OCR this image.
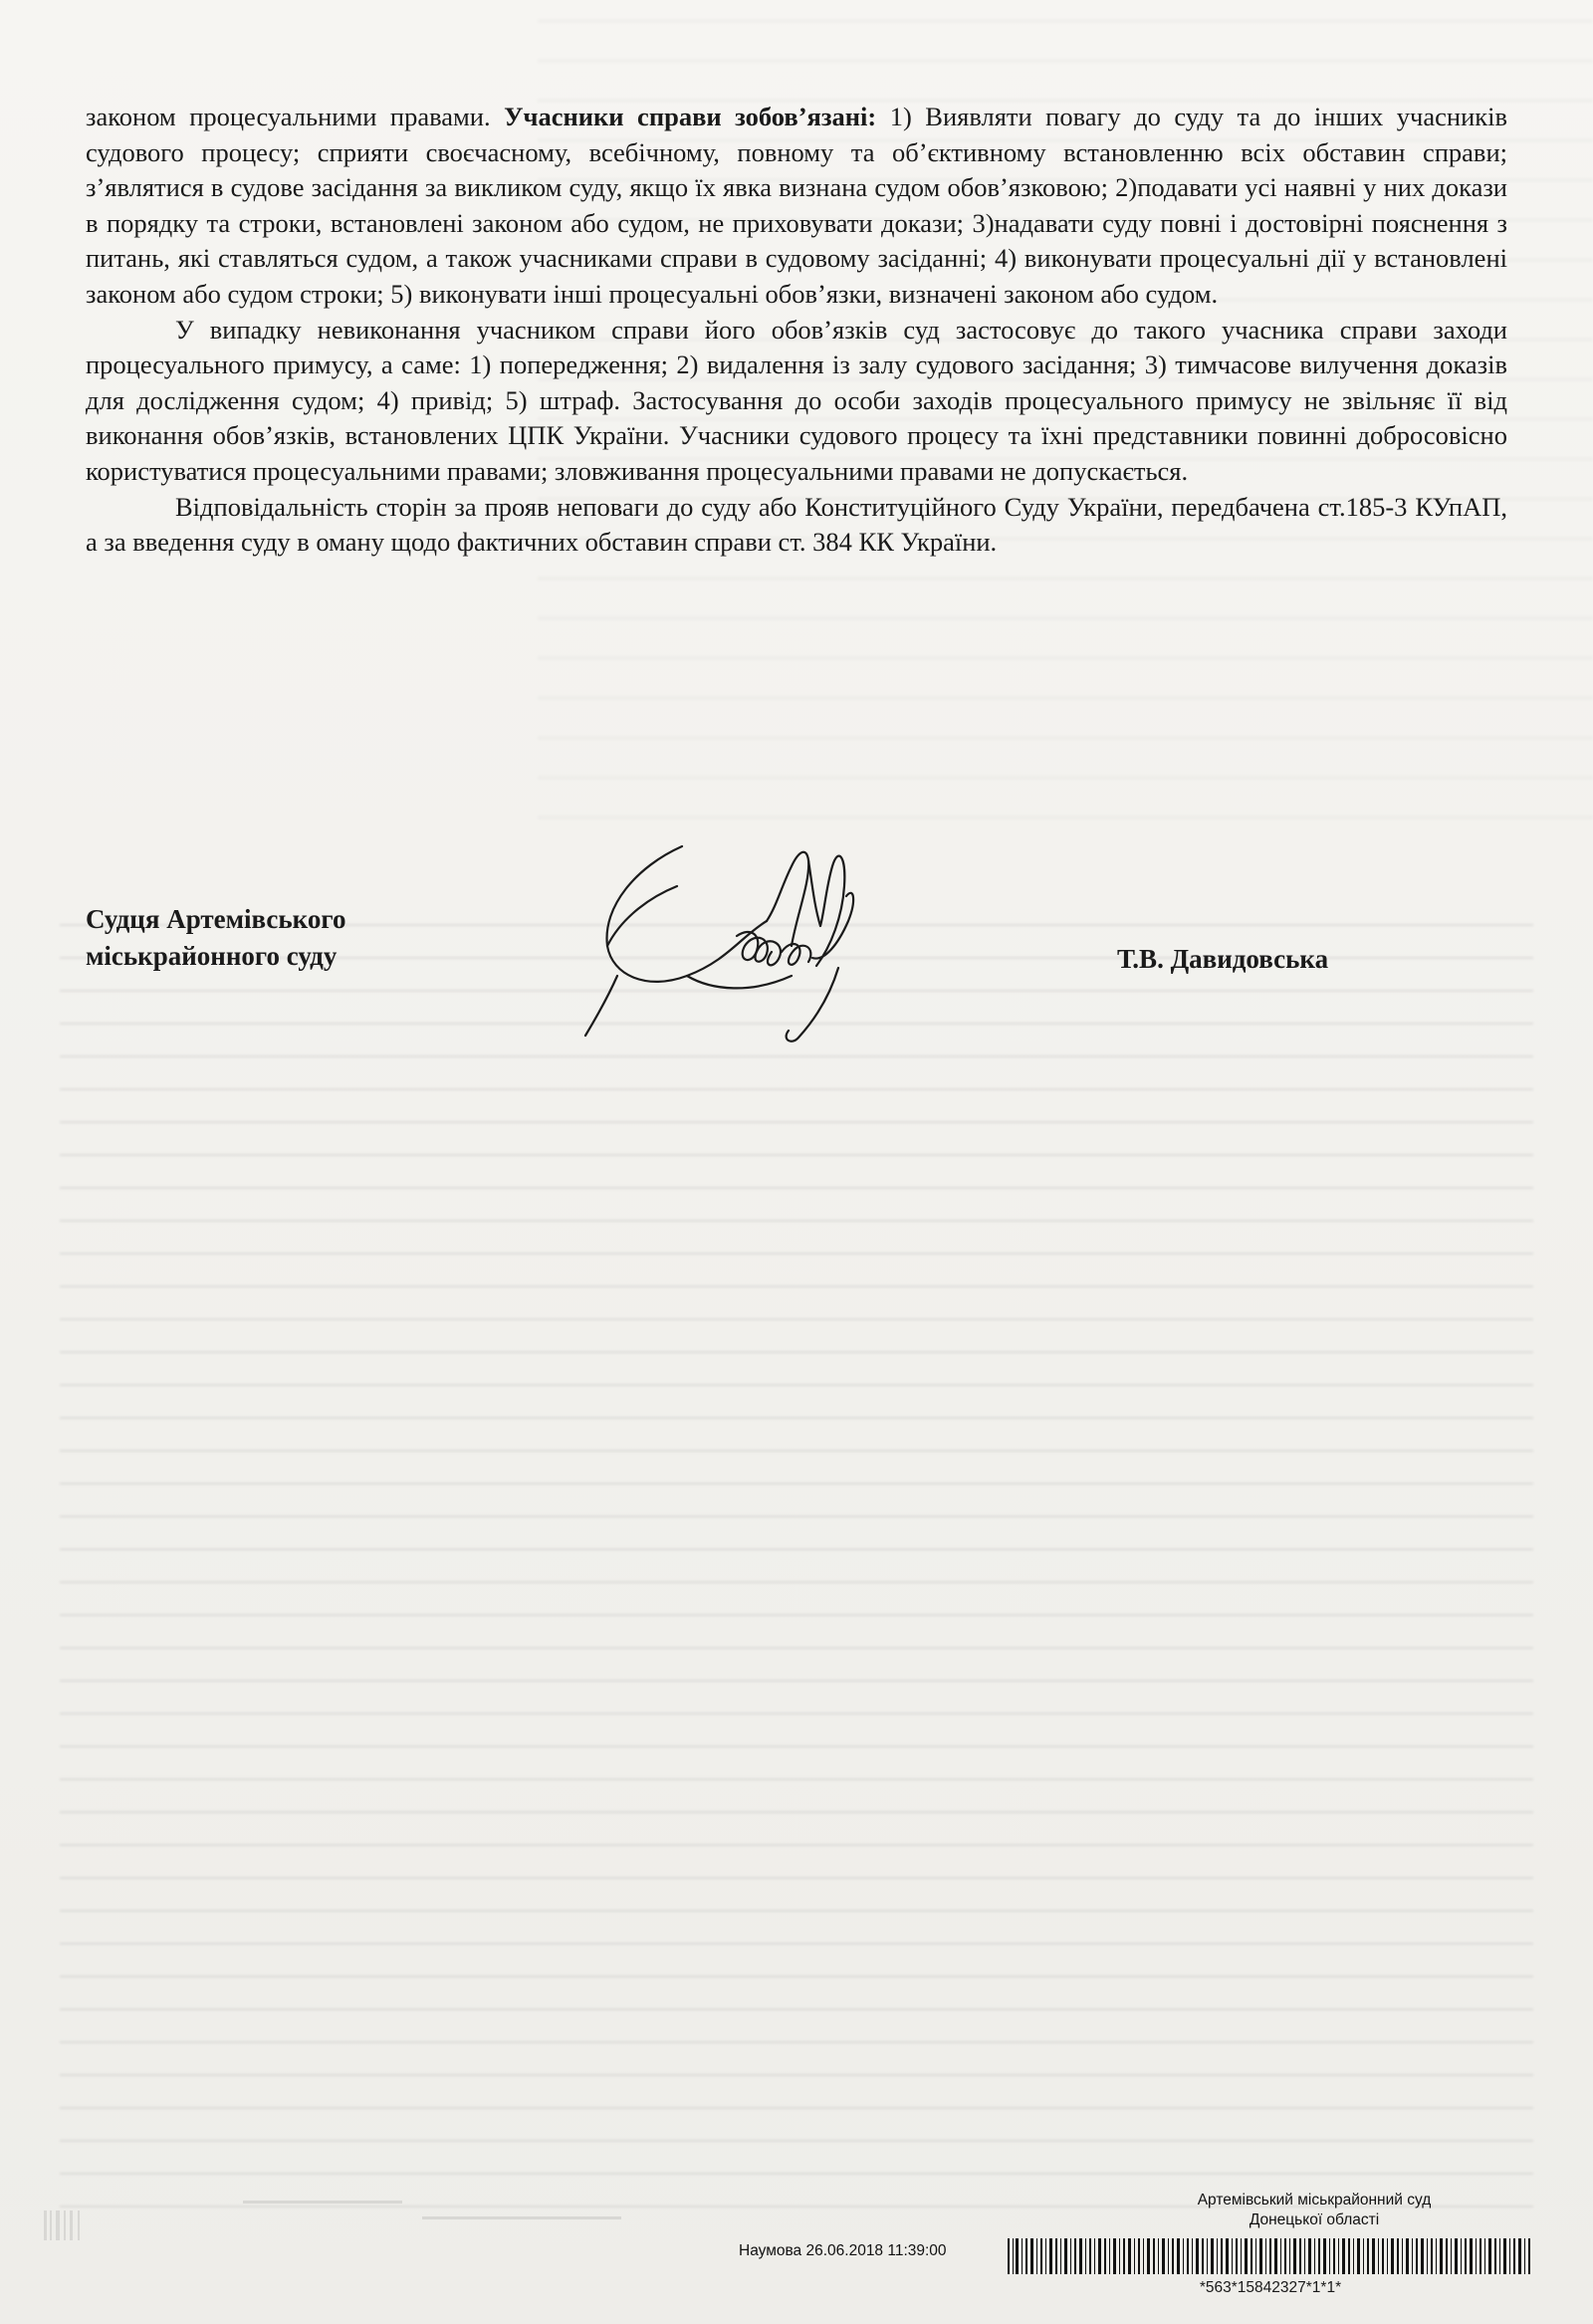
законом процесуальними правами. Учасники справи зобов’язані: 1) Виявляти повагу до суду та до інших учасників судового процесу; сприяти своєчасному, всебічному, повному та об’єктивному встановленню всіх обставин справи; з’являтися в судове засідання за викликом суду, якщо їх явка визнана судом обов’язковою; 2)подавати усі наявні у них докази в порядку та строки, встановлені законом або судом, не приховувати докази; 3)надавати суду повні і достовірні пояснення з питань, які ставляться судом, а також учасниками справи в судовому засіданні; 4) виконувати процесуальні дії у встановлені законом або судом строки; 5) виконувати інші процесуальні обов’язки, визначені законом або судом.

У випадку невиконання учасником справи його обов’язків суд застосовує до такого учасника справи заходи процесуального примусу, а саме: 1) попередження; 2) видалення із залу судового засідання; 3) тимчасове вилучення доказів для дослідження судом; 4) привід; 5) штраф. Застосування до особи заходів процесуального примусу не звільняє її від виконання обов’язків, встановлених ЦПК України. Учасники судового процесу та їхні представники повинні добросовісно користуватися процесуальними правами; зловживання процесуальними правами не допускається.

Відповідальність сторін за прояв неповаги до суду або Конституційного Суду України, передбачена ст.185-3 КУпАП, а за введення суду в оману щодо фактичних обставин справи ст. 384 КК України.

Судця Артемівського
міськрайонного суду	Т.В. Давидовська
Артемівський міськрайонний суд
Донецької області
Наумова 26.06.2018 11:39:00
*563*15842327*1*1*
